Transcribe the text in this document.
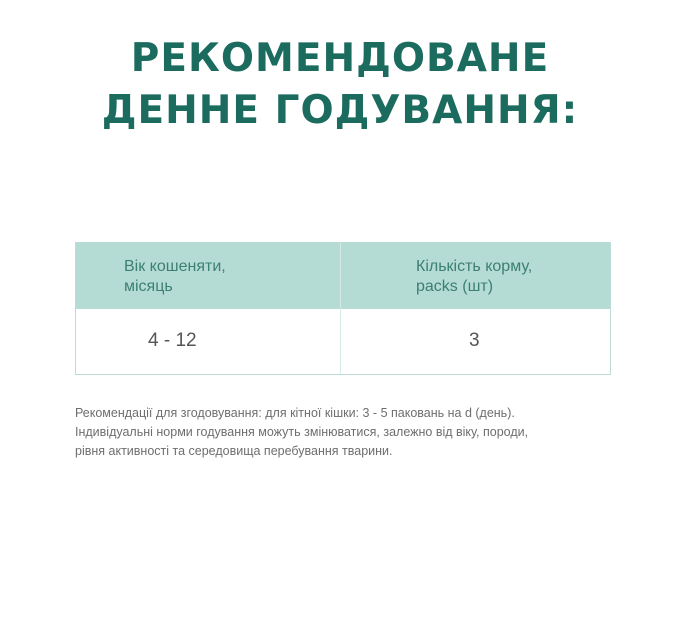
РЕКОМЕНДОВАНЕ
ДЕННЕ ГОДУВАННЯ:
Вік кошеняти,
місяць
Кількість корму,
packs (шт)
4 - 12	3

Рекомендації для згодовування: для кітної кішки: 3 - 5 паковань на d (день).
Індивідуальні норми годування можуть змінюватися, залежно від віку, породи,
рівня активності та середовища перебування тварини.
